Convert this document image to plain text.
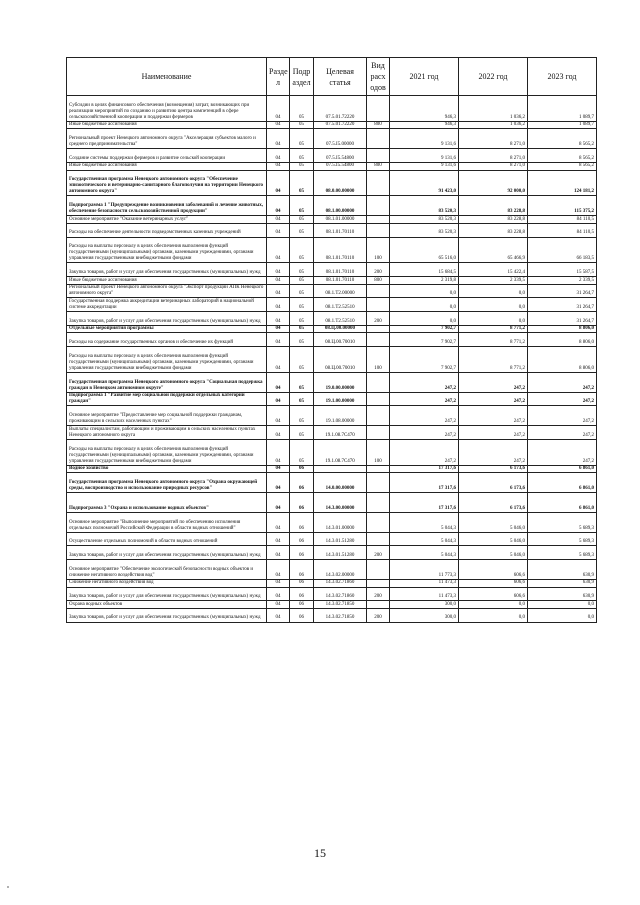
Наименование	Разде л	Подр аздел	Целевая статья	Вид расх одов	2021 год	2022 год	2023 год
Субсидии в целях финансового обеспечения (возмещения) затрат, возникающих при реализации мероприятий по созданию и развитию центра компетенций в сфере сельскохозяйственной кооперации и поддержки фермеров	04	05	07.5.01.72220		946,3	1 036,2	1 089,7
Иные бюджетные ассигнования	04	05	07.5.01.72220	800	946,3	1 036,2	1 089,7
Региональный проект Ненецкого автономного округа "Акселерация субъектов малого и среднего предпринимательства"	04	05	07.5.I5.00000		9 131,6	8 271,0	8 565,2
Создание системы поддержки фермеров и развитие сельской кооперации	04	05	07.5.I5.54800		9 131,6	8 271,0	8 565,2
Иные бюджетные ассигнования	04	05	07.5.I5.54800	800	9 131,6	8 271,0	8 565,2
Государственная программа Ненецкого автономного округа "Обеспечение эпизоотического и ветеринарно-санитарного благополучия на территории Ненецкого автономного округа"	04	05	08.0.00.00000		91 423,0	92 000,0	124 181,2
Подпрограмма 1 "Предупреждение возникновения заболеваний и лечение животных, обеспечение безопасности сельскохозяйственной продукции"	04	05	08.1.00.00000		83 520,3	83 228,8	115 375,2
Основное мероприятие "Оказание ветеринарных услуг"	04	05	08.1.01.00000		83 520,3	83 228,8	84 110,5
Расходы на обеспечение деятельности подведомственных казенных учреждений	04	05	08.1.01.70110		83 520,3	83 228,8	84 110,5
Расходы на выплаты персоналу в целях обеспечения выполнения функций государственными (муниципальными) органами, казенными учреждениями, органами управления государственными внебюджетными фондами	04	05	08.1.01.70110	100	65 516,0	65 466,9	66 183,5
Закупка товаров, работ и услуг для обеспечения государственных (муниципальных) нужд	04	05	08.1.01.70110	200	15 684,5	15 422,4	15 587,5
Иные бюджетные ассигнования	04	05	08.1.01.70110	800	2 319,8	2 339,5	2 339,5
Региональный проект Ненецкого автономного округа "Экспорт продукции АПК Ненецкого автономного округа"	04	05	08.1.T2.00000		0,0	0,0	31 264,7
Государственная поддержка аккредитации ветеринарных лабораторий в национальной системе аккредитации	04	05	08.1.T2.52510		0,0	0,0	31 264,7
Закупка товаров, работ и услуг для обеспечения государственных (муниципальных) нужд	04	05	08.1.T2.52510	200	0,0	0,0	31 264,7
Отдельные мероприятия программы	04	05	08.Ц.00.00000		7 902,7	8 771,2	8 806,0
Расходы на содержание государственных органов и обеспечение их функций	04	05	08.Ц.00.70010		7 902,7	8 771,2	8 806,0
Расходы на выплаты персоналу в целях обеспечения выполнения функций государственными (муниципальными) органами, казенными учреждениями, органами управления государственными внебюджетными фондами	04	05	08.Ц.00.70010	100	7 902,7	8 771,2	8 806,0
Государственная программа Ненецкого автономного округа "Социальная поддержка граждан в Ненецком автономном округе"	04	05	19.0.00.00000		247,2	247,2	247,2
Подпрограмма 1 "Развитие мер социальной поддержки отдельных категорий граждан"	04	05	19.1.00.00000		247,2	247,2	247,2
Основное мероприятие "Предоставление мер социальной поддержки гражданам, проживающим в сельских населенных пунктах"	04	05	19.1.08.00000		247,2	247,2	247,2
Выплаты специалистам, работающим и проживающим в сельских населенных пунктах Ненецкого автономного округа	04	05	19.1.08.7С470		247,2	247,2	247,2
Расходы на выплаты персоналу в целях обеспечения выполнения функций государственными (муниципальными) органами, казенными учреждениями, органами управления государственными внебюджетными фондами	04	05	19.1.08.7С470	100	247,2	247,2	247,2
Водное хозяйство	04	06			17 317,6	6 173,6	6 861,0
Государственная программа Ненецкого автономного округа "Охрана окружающей среды, воспроизводство и использование природных ресурсов"	04	06	14.0.00.00000		17 317,6	6 173,6	6 861,0
Подпрограмма 3 "Охрана и использование водных объектов"	04	06	14.3.00.00000		17 317,6	6 173,6	6 861,0
Основное мероприятие "Выполнение мероприятий по обеспечению исполнения отдельных полномочий Российской Федерации в области водных отношений"	04	06	14.3.01.00000		5 044,3	5 046,0	5 689,3
Осуществление отдельных полномочий в области водных отношений	04	06	14.3.01.51280		5 044,3	5 046,0	5 689,3
Закупка товаров, работ и услуг для обеспечения государственных (муниципальных) нужд	04	06	14.3.01.51280	200	5 044,3	5 046,0	5 689,3
Основное мероприятие "Обеспечение экологической безопасности водных объектов и снижение негативного воздействия вод"	04	06	14.3.02.00000		11 773,3	606,6	630,9
Снижение негативного воздействия вод	04	06	14.3.02.71860		11 473,3	606,6	630,9
Закупка товаров, работ и услуг для обеспечения государственных (муниципальных) нужд	04	06	14.3.02.71860	200	11 473,3	606,6	630,9
Охрана водных объектов	04	06	14.3.02.71850		300,0	0,0	0,0
Закупка товаров, работ и услуг для обеспечения государственных (муниципальных) нужд	04	06	14.3.02.71850	200	300,0	0,0	0,0
15
